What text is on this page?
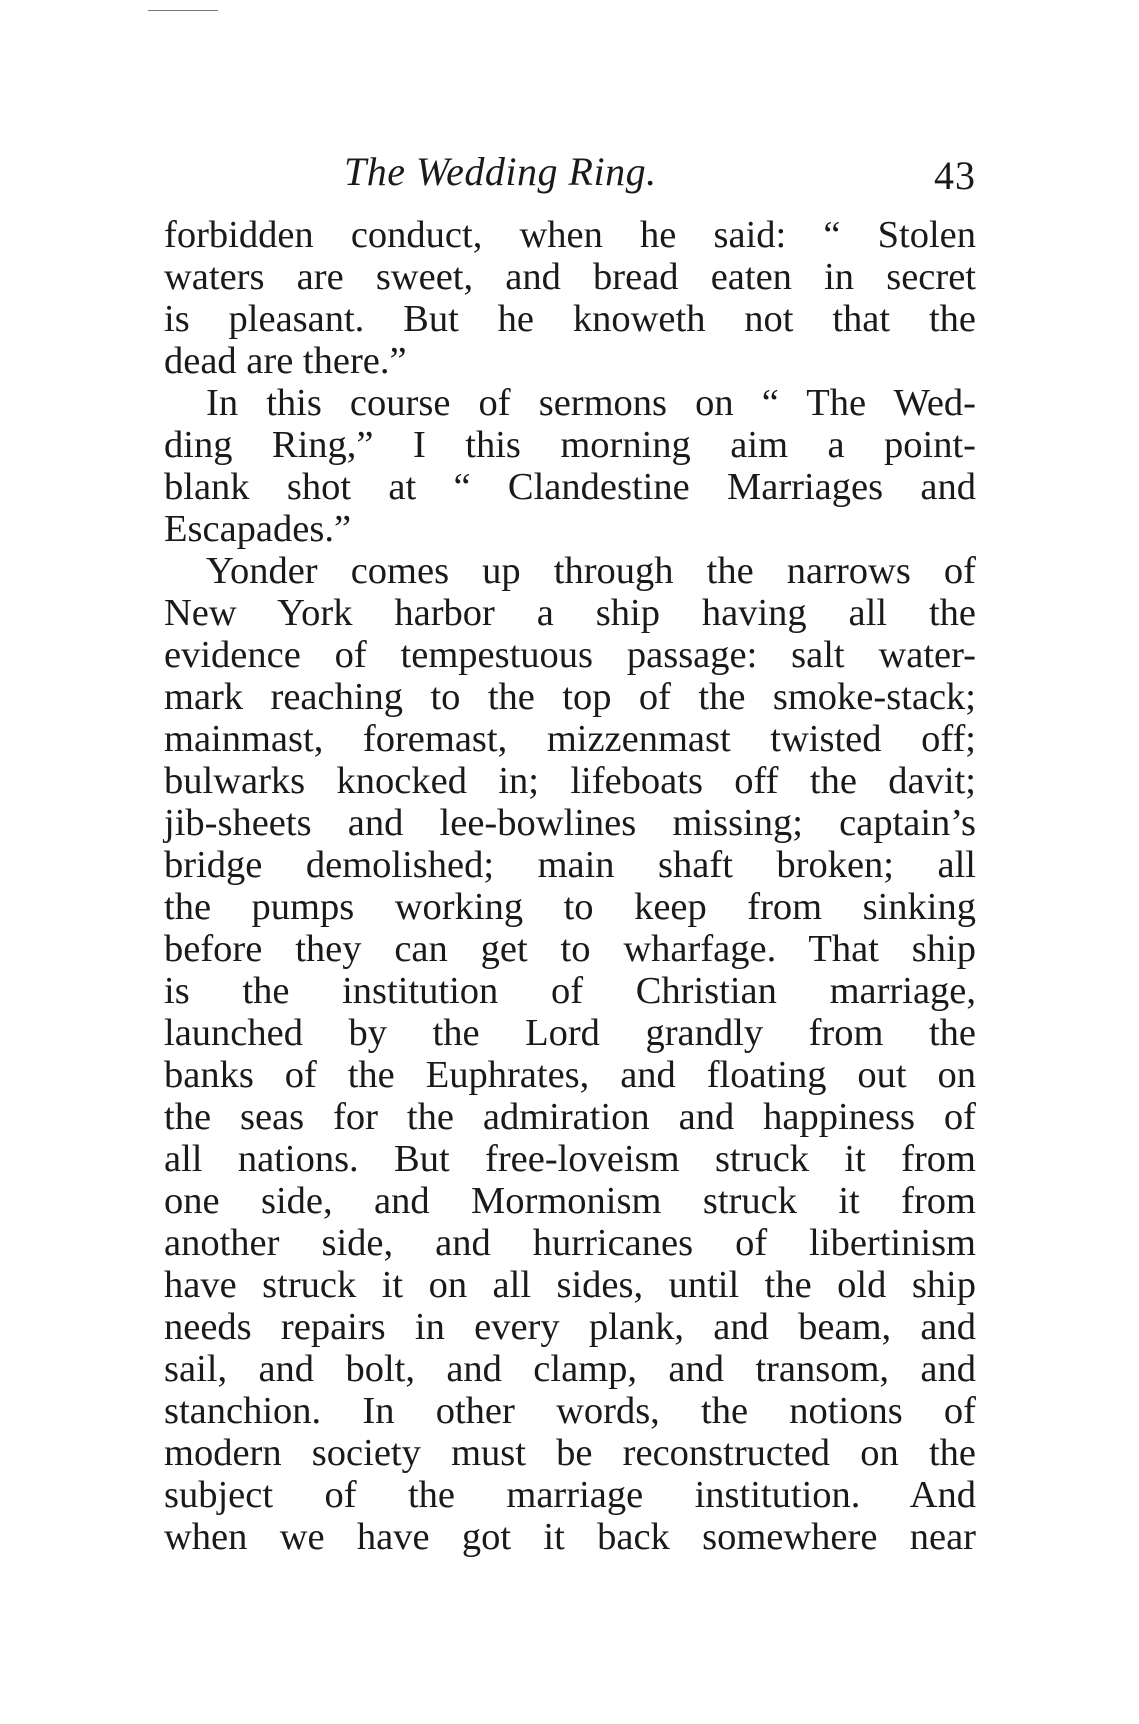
The Wedding Ring.	43
forbidden conduct, when he said: “ Stolen
waters are sweet, and bread eaten in secret
is pleasant. But he knoweth not that the
dead are there.”
In this course of sermons on “ The Wed-
ding Ring,” I this morning aim a point-
blank shot at “ Clandestine Marriages and
Escapades.”
Yonder comes up through the narrows of
New York harbor a ship having all the
evidence of tempestuous passage: salt water-
mark reaching to the top of the smoke-stack;
mainmast, foremast, mizzenmast twisted off;
bulwarks knocked in; lifeboats off the davit;
jib-sheets and lee-bowlines missing; captain’s
bridge demolished; main shaft broken; all
the pumps working to keep from sinking
before they can get to wharfage. That ship
is the institution of Christian marriage,
launched by the Lord grandly from the
banks of the Euphrates, and floating out on
the seas for the admiration and happiness of
all nations. But free-loveism struck it from
one side, and Mormonism struck it from
another side, and hurricanes of libertinism
have struck it on all sides, until the old ship
needs repairs in every plank, and beam, and
sail, and bolt, and clamp, and transom, and
stanchion. In other words, the notions of
modern society must be reconstructed on the
subject of the marriage institution. And
when we have got it back somewhere near
